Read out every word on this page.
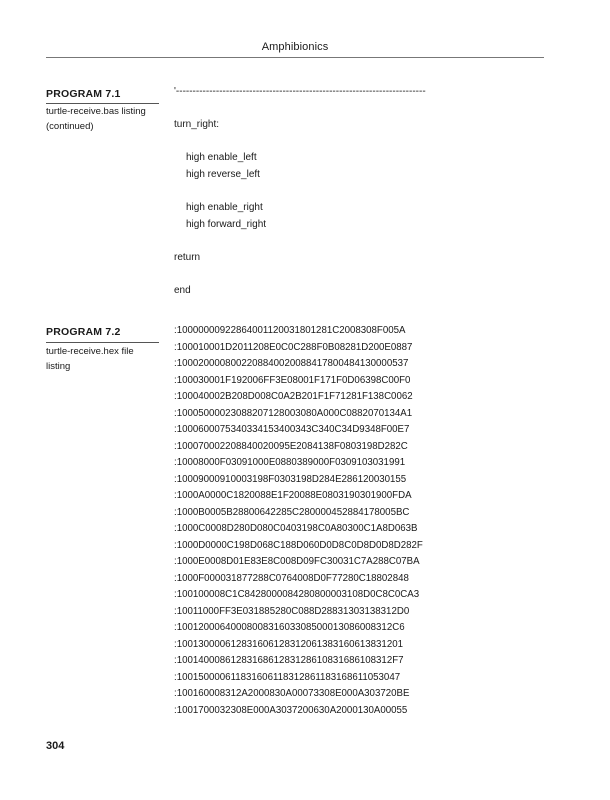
Amphibionics
PROGRAM 7.1
turtle-receive.bas listing
(continued)
'---------------------------------------------------------------------------
turn_right:
high enable_left
high reverse_left
high enable_right
high forward_right
return
end
PROGRAM 7.2
turtle-receive.hex file
listing
:10000000922864001120031801281C2008308F005A
:100010001D2011208E0C0C288F0B08281D200E0887
:1000200008002208840020088417800484130000537
:100030001F192006FF3E08001F171F0D06398C00F0
:100040002B208D008C0A2B201F1F71281F138C0062
:10005000023088207128003080A000C0882070134A1
:1000600075340334153400343C340C34D9348F00E7
:100070002208840020095E2084138F0803198D282C
:10008000F03091000E0880389000F0309103031991
:10009000910003198F0303198D284E286120030155
:1000A0000C1820088E1F20088E0803190301900FDA
:1000B0005B28800642285C280000452884178005BC
:1000C0008D280D080C0403198C0A80300C1A8D063B
:1000D0000C198D068C188D060D0D8C0D8D0D8D282F
:1000E0008D01E83E8C008D09FC30031C7A288C07BA
:1000F000031877288C0764008D0F77280C18802848
:100100008C1C8428000084280800003108D0C8C0CA3
:10011000FF3E031885280C088D28831303138312D0
:1001200064000800831603308500013086008312C6
:100130000612831606128312061383160613831201
:1001400086128316861283128610831686108312F7
:100150000611831606118312861183168611053047
:100160008312A2000830A00073308E000A303720BE
:1001700032308E000A3037200630A2000130A00055
304
